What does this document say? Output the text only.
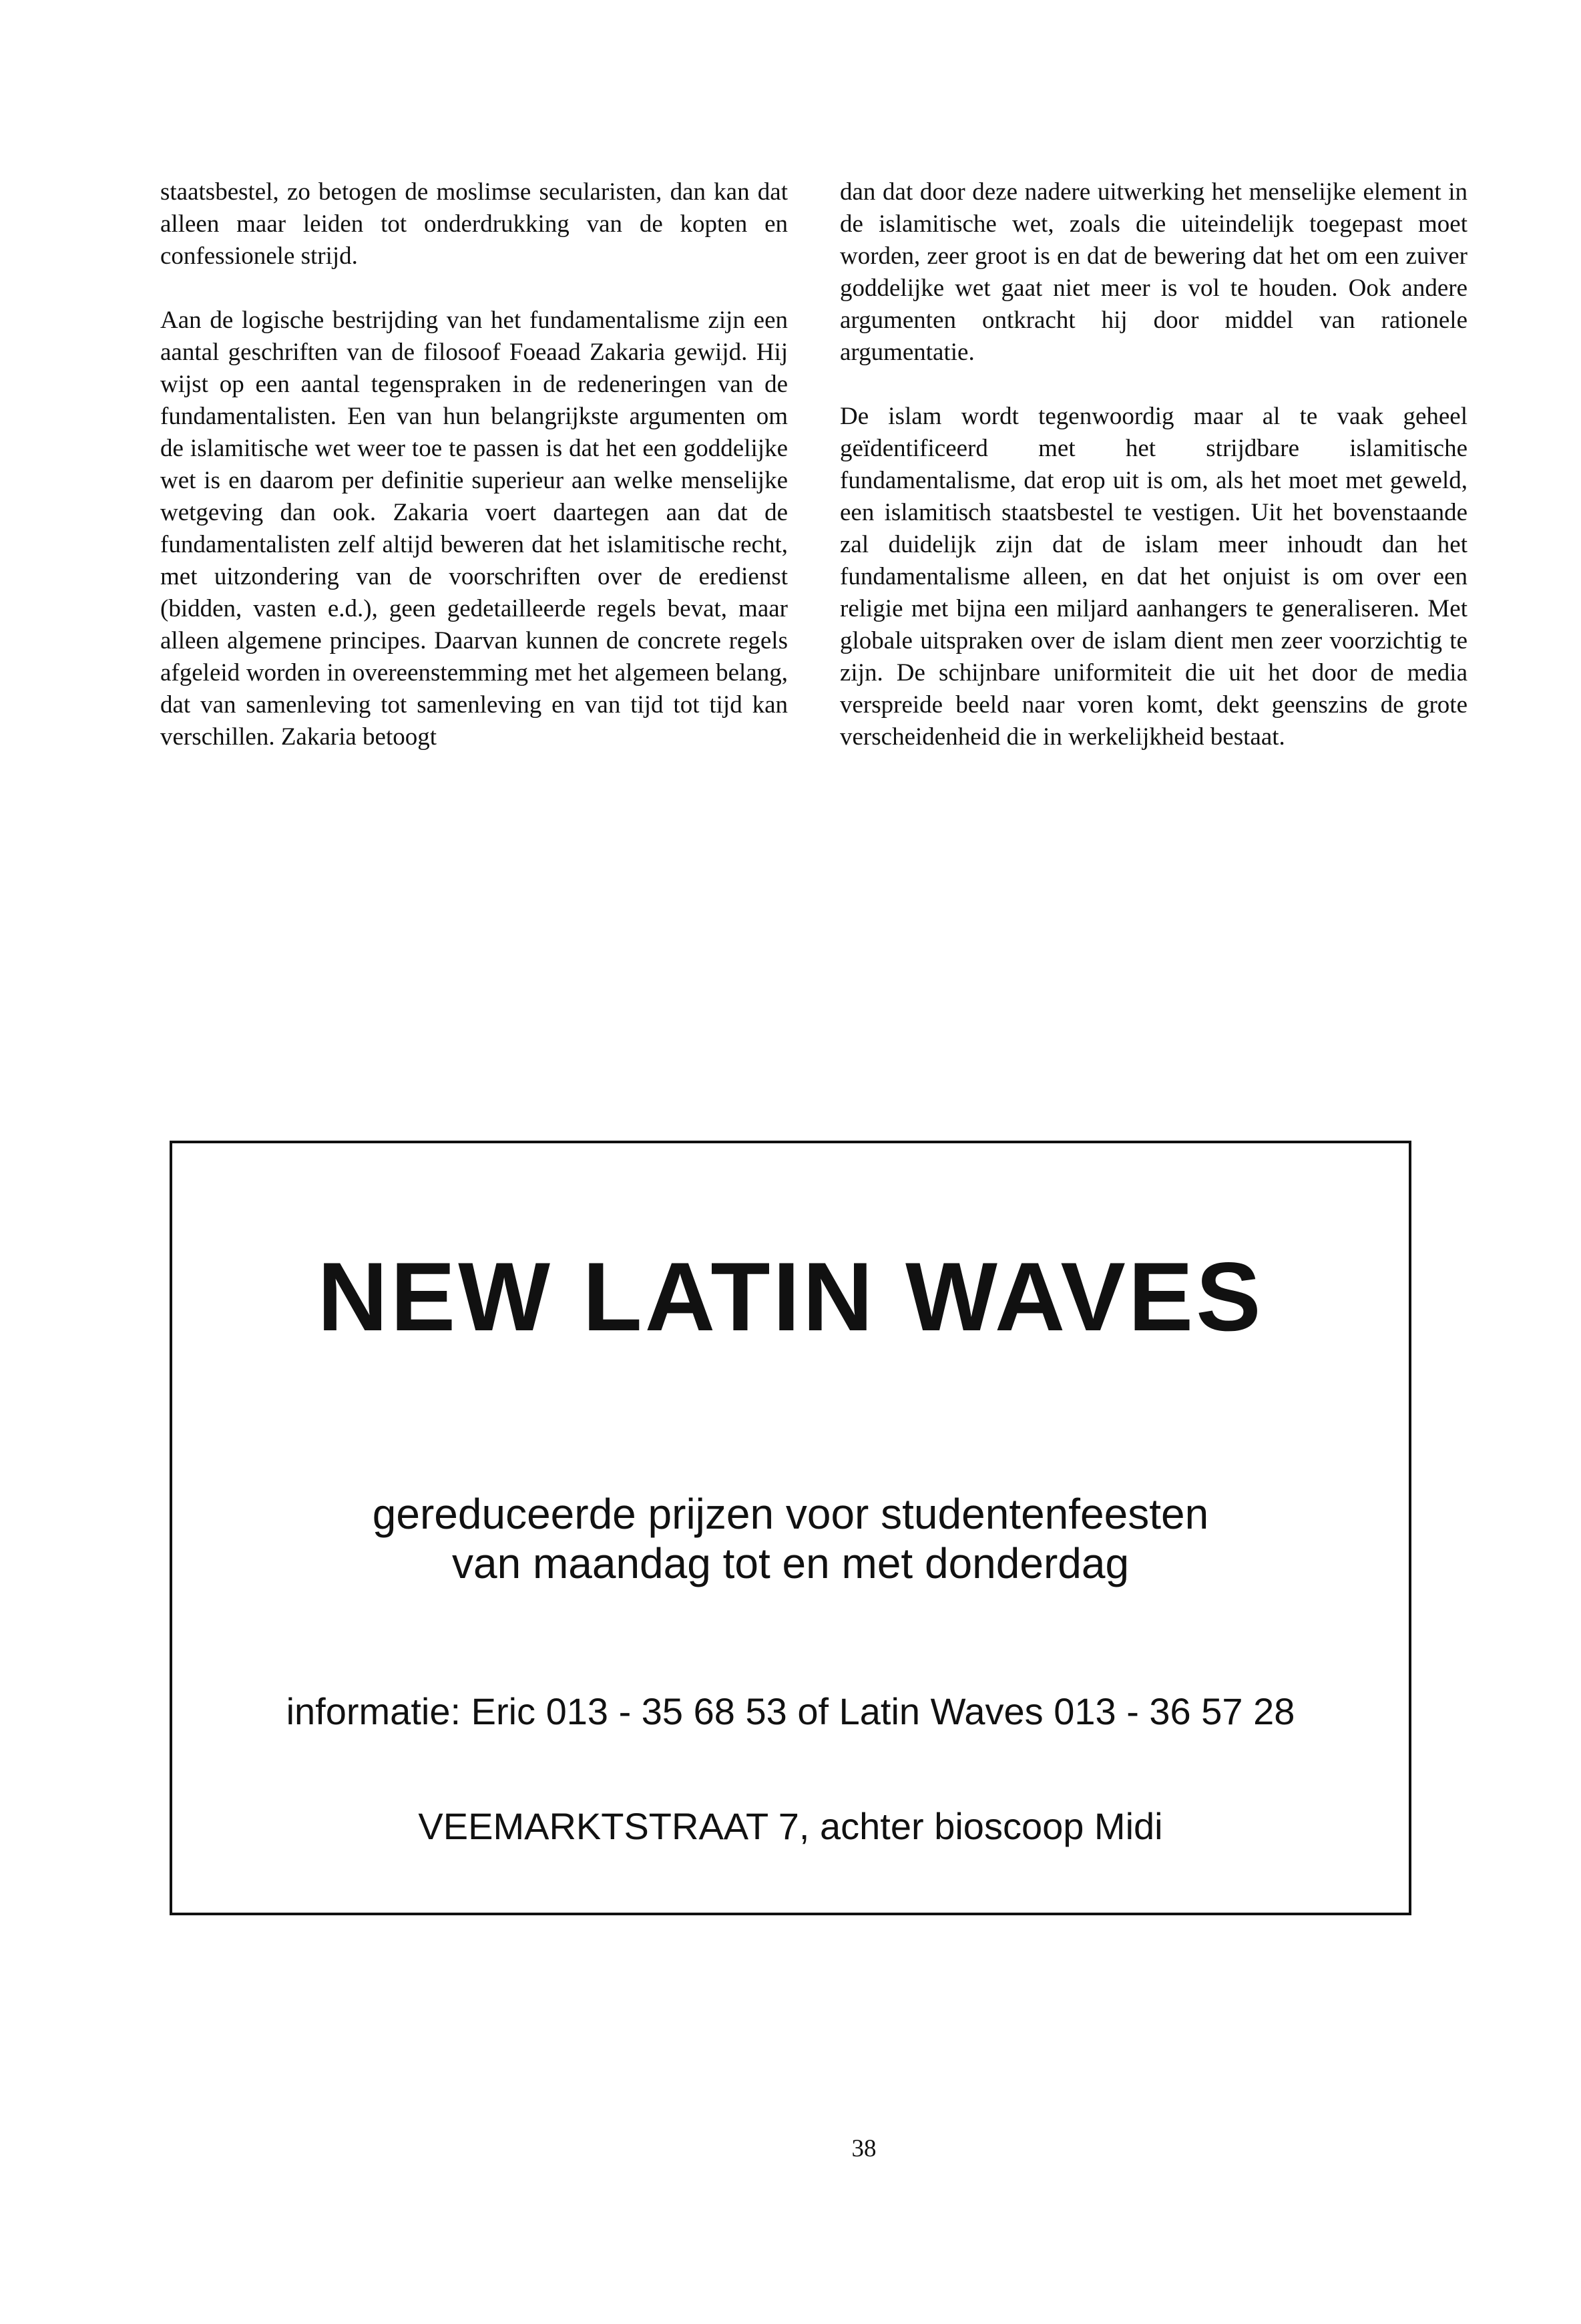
staatsbestel, zo betogen de moslimse secularisten, dan kan dat alleen maar leiden tot onderdrukking van de kopten en confessionele strijd.

Aan de logische bestrijding van het fundamentalisme zijn een aantal geschriften van de filosoof Foeaad Zakaria gewijd. Hij wijst op een aantal tegenspraken in de redeneringen van de fundamentalisten. Een van hun belangrijkste argumenten om de islamitische wet weer toe te passen is dat het een goddelijke wet is en daarom per definitie superieur aan welke menselijke wetgeving dan ook. Zakaria voert daartegen aan dat de fundamentalisten zelf altijd beweren dat het islamitische recht, met uitzondering van de voorschriften over de eredienst (bidden, vasten e.d.), geen gedetailleerde regels bevat, maar alleen algemene principes. Daarvan kunnen de concrete regels afgeleid worden in overeenstemming met het algemeen belang, dat van samenleving tot samenleving en van tijd tot tijd kan verschillen. Zakaria betoogt

dan dat door deze nadere uitwerking het menselijke element in de islamitische wet, zoals die uiteindelijk toegepast moet worden, zeer groot is en dat de bewering dat het om een zuiver goddelijke wet gaat niet meer is vol te houden. Ook andere argumenten ontkracht hij door middel van rationele argumentatie.

De islam wordt tegenwoordig maar al te vaak geheel geïdentificeerd met het strijdbare islamitische fundamentalisme, dat erop uit is om, als het moet met geweld, een islamitisch staatsbestel te vestigen. Uit het bovenstaande zal duidelijk zijn dat de islam meer inhoudt dan het fundamentalisme alleen, en dat het onjuist is om over een religie met bijna een miljard aanhangers te generaliseren. Met globale uitspraken over de islam dient men zeer voorzichtig te zijn. De schijnbare uniformiteit die uit het door de media verspreide beeld naar voren komt, dekt geenszins de grote verscheidenheid die in werkelijkheid bestaat.

NEW LATIN WAVES
gereduceerde prijzen voor studentenfeesten
van maandag tot en met donderdag
informatie: Eric 013 - 35 68 53 of Latin Waves 013 - 36 57 28
VEEMARKTSTRAAT 7, achter bioscoop Midi
38
